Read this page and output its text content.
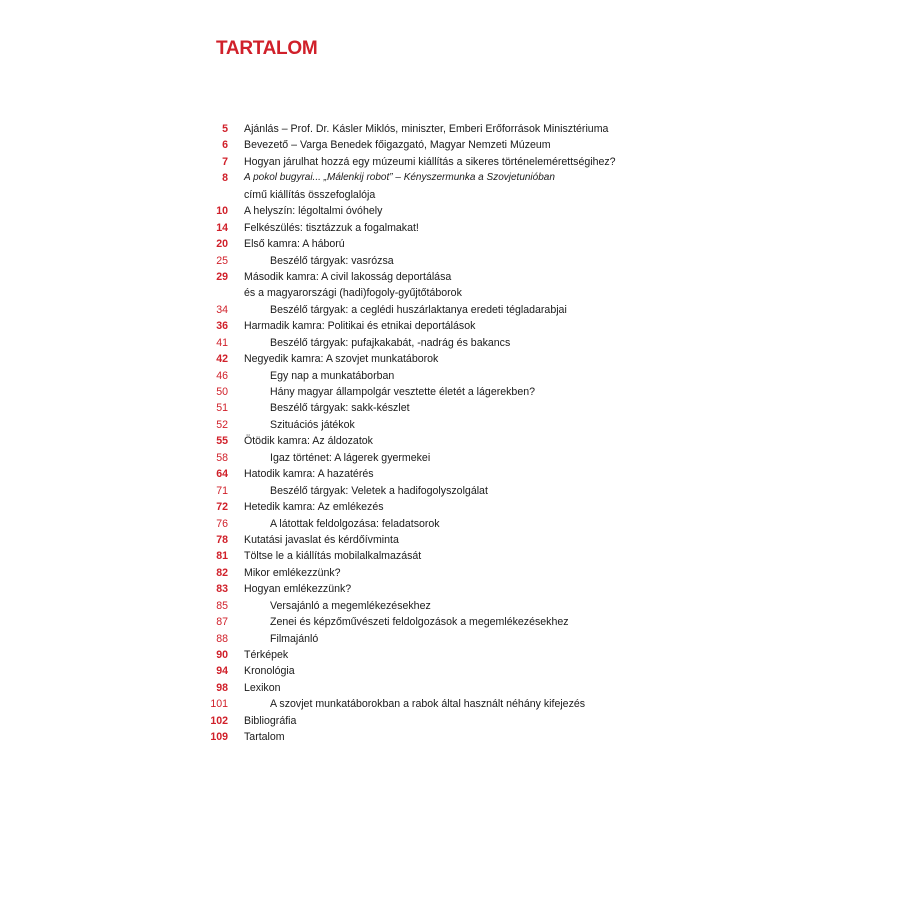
TARTALOM
5 Ajánlás – Prof. Dr. Kásler Miklós, miniszter, Emberi Erőforrások Minisztériuma
6 Bevezető – Varga Benedek főigazgató, Magyar Nemzeti Múzeum
7 Hogyan járulhat hozzá egy múzeumi kiállítás a sikeres történelemérettségihez?
8 A pokol bugyrai... „Málenkij robot” – Kényszermunka a Szovjetunióban
című kiállítás összefoglalója
10 A helyszín: légoltalmi óvóhely
14 Felkészülés: tisztázzuk a fogalmakat!
20 Első kamra: A háború
25	Beszélő tárgyak: vasrózsa
29 Második kamra: A civil lakosság deportálása
és a magyarországi (hadi)fogoly-gyűjtőtáborok
34	Beszélő tárgyak: a ceglédi huszárlaktanya eredeti tégladarabjai
36 Harmadik kamra: Politikai és etnikai deportálások
41	Beszélő tárgyak: pufajkakabát, -nadrág és bakancs
42 Negyedik kamra: A szovjet munkatáborok
46	Egy nap a munkatáborban
50	Hány magyar állampolgár vesztette életét a lágerekben?
51	Beszélő tárgyak: sakk-készlet
52	Szituációs játékok
55 Ötödik kamra: Az áldozatok
58	Igaz történet: A lágerek gyermekei
64 Hatodik kamra: A hazatérés
71	Beszélő tárgyak: Veletek a hadifogolyszolgálat
72 Hetedik kamra: Az emlékezés
76	A látottak feldolgozása: feladatsorok
78 Kutatási javaslat és kérdőívminta
81 Töltse le a kiállítás mobilalkalmazását
82 Mikor emlékezzünk?
83 Hogyan emlékezzünk?
85	Versajánló a megemlékezésekhez
87	Zenei és képzőművészeti feldolgozások a megemlékezésekhez
88	Filmajánló
90 Térképek
94 Kronológia
98 Lexikon
101	A szovjet munkatáborokban a rabok által használt néhány kifejezés
102 Bibliográfia
109 Tartalom
